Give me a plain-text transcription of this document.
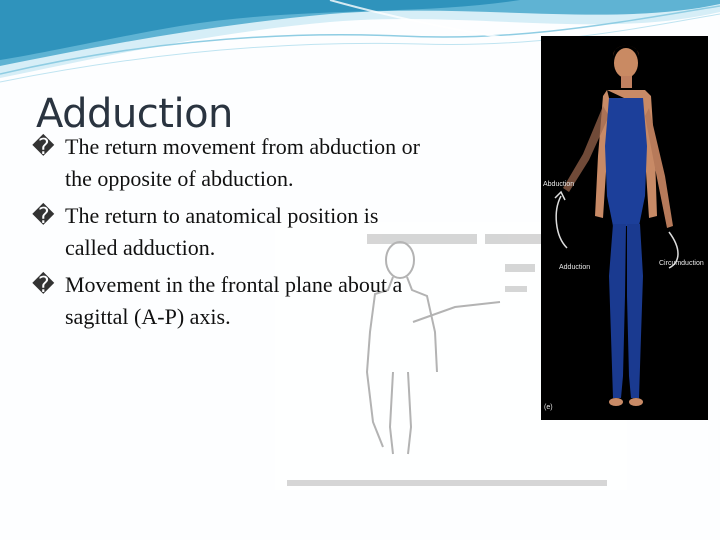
Abduction
Adduction
Circumduction
(e)
Adduction
�
The return movement from abduction or the opposite of abduction.
�
The return to anatomical position is called adduction.
�
Movement in the frontal plane about a sagittal (A-P) axis.
